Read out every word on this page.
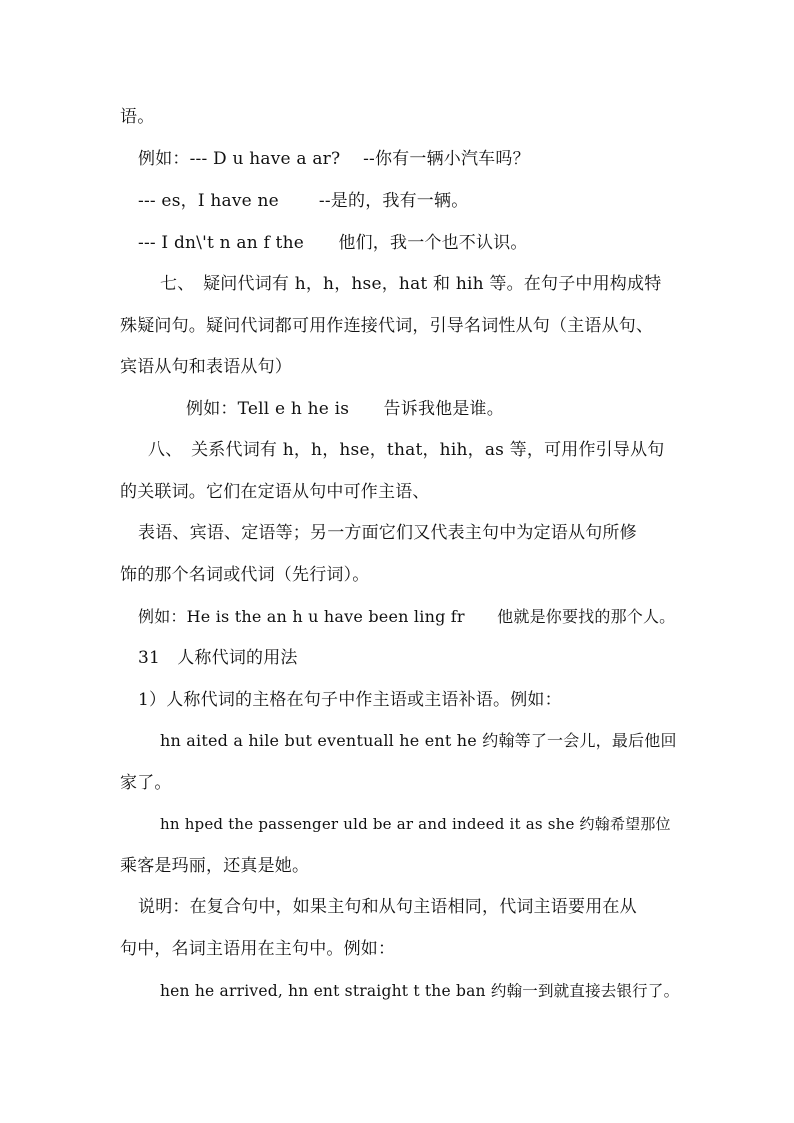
语。
例如：--- D u have a ar?　 --你有一辆小汽车吗？
--- es，I have ne　　 --是的，我有一辆。
--- I dn\'t n an f the　　他们，我一个也不认识。
七、　疑问代词有 h，h，hse，hat 和 hih 等。在句子中用构成特
殊疑问句。疑问代词都可用作连接代词，引导名词性从句（主语从句、
宾语从句和表语从句）
例如：Tell e h he is　　告诉我他是谁。
八、　关系代词有 h，h，hse，that，hih，as 等，可用作引导从句
的关联词。它们在定语从句中可作主语、
表语、宾语、定语等；另一方面它们又代表主句中为定语从句所修
饰的那个名词或代词（先行词）。
例如：He is the an h u have been ling fr　　他就是你要找的那个人。
31　人称代词的用法
1）人称代词的主格在句子中作主语或主语补语。例如：
hn aited a hile but eventuall he ent he 约翰等了一会儿，最后他回
家了。
hn hped the passenger uld be ar and indeed it as she 约翰希望那位
乘客是玛丽，还真是她。
说明：在复合句中，如果主句和从句主语相同，代词主语要用在从
句中，名词主语用在主句中。例如：
hen he arrived, hn ent straight t the ban 约翰一到就直接去银行了。
